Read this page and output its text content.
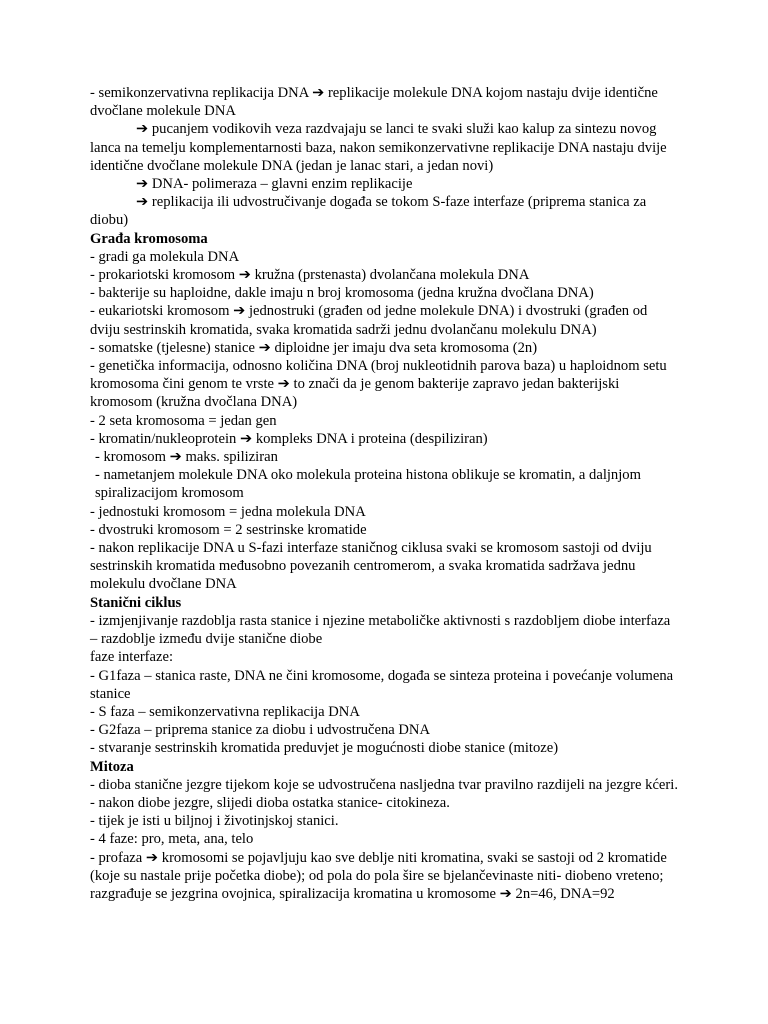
- semikonzervativna replikacija DNA ➔ replikacije molekule DNA kojom nastaju dvije identične dvočlane molekule DNA

➔ pucanjem vodikovih veza razdvajaju se lanci te svaki služi kao kalup za sintezu novog lanca na temelju komplementarnosti baza, nakon semikonzervativne replikacije DNA nastaju dvije identične dvočlane molekule DNA (jedan je lanac stari, a jedan novi)

➔ DNA- polimeraza – glavni enzim replikacije

➔ replikacija ili udvostručivanje događa se tokom S-faze interfaze (priprema stanica za diobu)

Građa kromosoma

- gradi ga molekula DNA

- prokariotski kromosom ➔ kružna (prstenasta) dvolančana molekula DNA

- bakterije su haploidne, dakle imaju n broj kromosoma (jedna kružna dvočlana DNA)

- eukariotski kromosom ➔ jednostruki (građen od jedne molekule DNA) i dvostruki (građen od dviju sestrinskih kromatida, svaka kromatida sadrži jednu dvolančanu molekulu DNA)

- somatske (tjelesne) stanice ➔ diploidne jer imaju dva seta kromosoma (2n)

- genetička informacija, odnosno količina DNA (broj nukleotidnih parova baza) u haploidnom setu kromosoma čini genom te vrste ➔ to znači da je genom bakterije zapravo jedan bakterijski kromosom (kružna dvočlana DNA)

- 2 seta kromosoma = jedan gen

- kromatin/nukleoprotein ➔ kompleks DNA i proteina (despiliziran)

- kromosom ➔ maks. spiliziran

- nametanjem molekule DNA oko molekula proteina histona oblikuje se kromatin, a daljnjom spiralizacijom kromosom

- jednostuki kromosom = jedna molekula DNA

- dvostruki kromosom = 2 sestrinske kromatide

- nakon replikacije DNA u S-fazi interfaze staničnog ciklusa svaki se kromosom sastoji od dviju sestrinskih kromatida međusobno povezanih centromerom, a svaka kromatida sadržava jednu molekulu dvočlane DNA

Stanični ciklus

- izmjenjivanje razdoblja rasta stanice i njezine metaboličke aktivnosti s razdobljem diobe interfaza – razdoblje između dvije stanične diobe

faze interfaze:

- G1faza – stanica raste, DNA ne čini kromosome, događa se sinteza proteina i povećanje volumena stanice

- S faza – semikonzervativna replikacija DNA

- G2faza – priprema stanice za diobu i udvostručena DNA

- stvaranje sestrinskih kromatida preduvjet je mogućnosti diobe stanice (mitoze)

Mitoza

- dioba stanične jezgre tijekom koje se udvostručena nasljedna tvar pravilno razdijeli na jezgre kćeri.

- nakon diobe jezgre, slijedi dioba ostatka stanice- citokineza.

- tijek je isti u biljnoj i životinjskoj stanici.

- 4 faze: pro, meta, ana, telo

- profaza ➔ kromosomi se pojavljuju kao sve deblje niti kromatina, svaki se sastoji od 2 kromatide (koje su nastale prije početka diobe); od pola do pola šire se bjelančevinaste niti- diobeno vreteno; razgrađuje se jezgrina ovojnica, spiralizacija kromatina u kromosome ➔ 2n=46, DNA=92
